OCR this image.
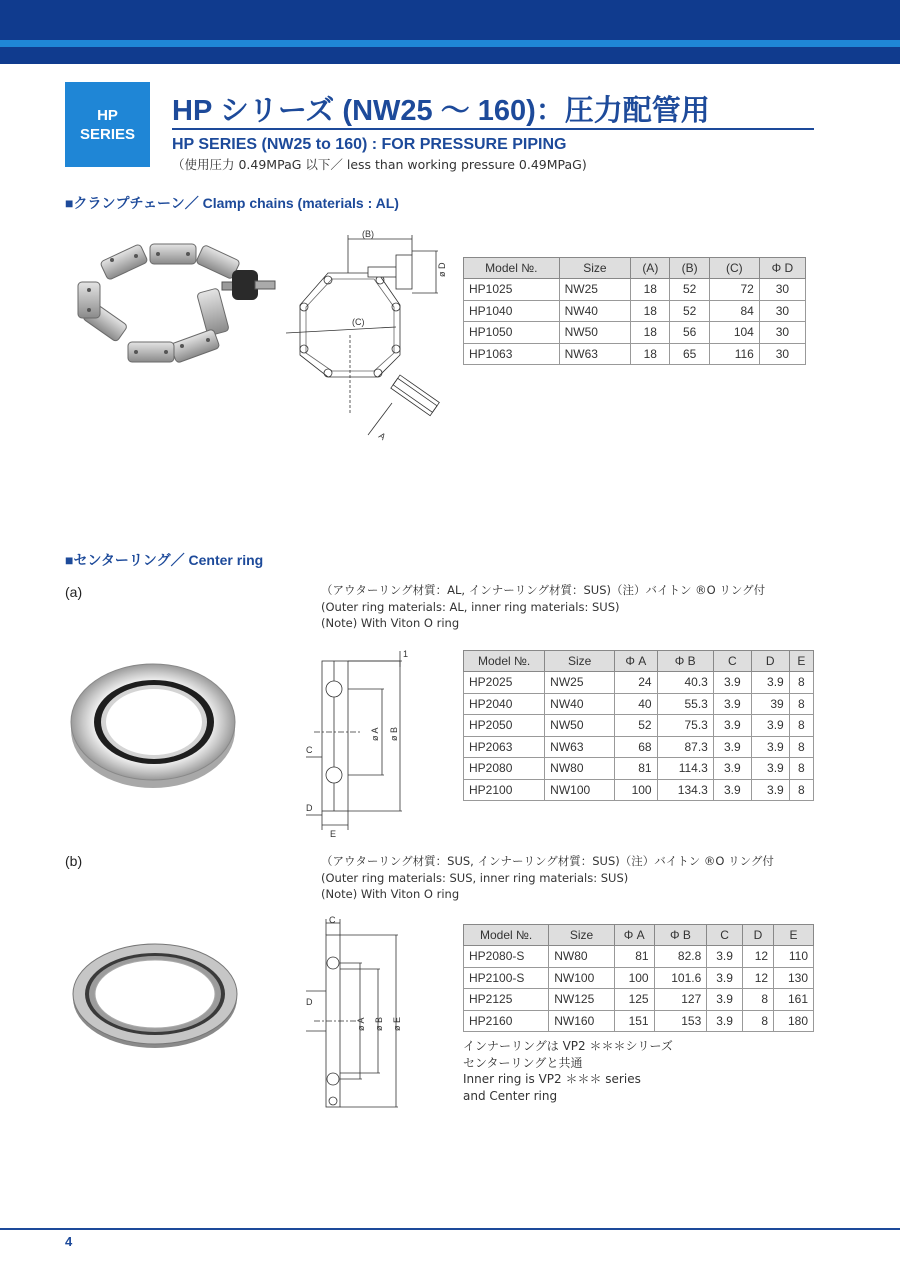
HP
SERIES
HP シリーズ (NW25 ～ 160)：圧力配管用
HP SERIES (NW25 to 160) : FOR PRESSURE PIPING
（使用圧力 0.49MPaG 以下／ less than working pressure 0.49MPaG)
■クランプチェーン／ Clamp chains (materials : AL)
(B)
(C)
ø D
A
Model №.	Size	(A)	(B)	(C)	Φ D
HP1025	NW25	18	52	72	30
HP1040	NW40	18	52	84	30
HP1050	NW50	18	56	104	30
HP1063	NW63	18	65	116	30
■センターリング／ Center ring
(a)	（アウターリング材質：AL, インナーリング材質：SUS)（注）バイトン ®O リング付
(Outer ring materials: AL, inner ring materials: SUS)
(Note) With Viton O ring
1
C
D
E
ø A ø B
Model №.	Size	Φ A	Φ B	C	D	E
HP2025	NW25	24	40.3	3.9	3.9	8
HP2040	NW40	40	55.3	3.9	39	8
HP2050	NW50	52	75.3	3.9	3.9	8
HP2063	NW63	68	87.3	3.9	3.9	8
HP2080	NW80	81	114.3	3.9	3.9	8
HP2100	NW100	100	134.3	3.9	3.9	8
(b)	（アウターリング材質：SUS, インナーリング材質：SUS)（注）バイトン ®O リング付
(Outer ring materials: SUS, inner ring materials: SUS)
(Note) With Viton O ring
C
D
ø A ø B ø E
Model №.	Size	Φ A	Φ B	C	D	E
HP2080-S	NW80	81	82.8	3.9	12	110
HP2100-S	NW100	100	101.6	3.9	12	130
HP2125	NW125	125	127	3.9	8	161
HP2160	NW160	151	153	3.9	8	180
インナーリングは VP2 ＊＊＊シリーズ
センターリングと共通
Inner ring is VP2 ＊＊＊ series
and Center ring
4
